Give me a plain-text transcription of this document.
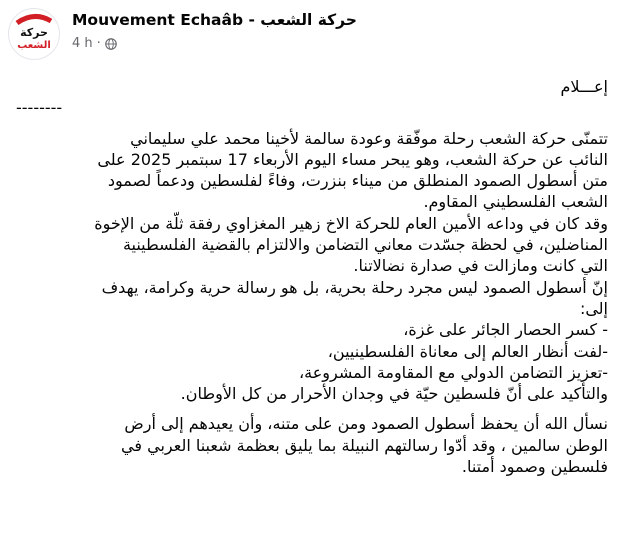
حركة
الشعب
Mouvement Echaâb - حركة الشعب
4 h ·

إعـــلام

--------

تتمنّى حركة الشعب رحلة موفّقة وعودة سالمة لأخينا محمد علي سليماني

النائب عن حركة الشعب، وهو يبحر مساء اليوم الأربعاء 17 سبتمبر 2025 على

متن أسطول الصمود المنطلق من ميناء بنزرت، وفاءً لفلسطين ودعماً لصمود

الشعب الفلسطيني المقاوم.

وقد كان في وداعه الأمين العام للحركة الاخ زهير المغزاوي رفقة ثلّة من الإخوة

المناضلين، في لحظة جسّدت معاني التضامن والالتزام بالقضية الفلسطينية

التي كانت ومازالت في صدارة نضالاتنا.

إنّ أسطول الصمود ليس مجرد رحلة بحرية، بل هو رسالة حرية وكرامة، يهدف

إلى:

- كسر الحصار الجائر على غزة،

-لفت أنظار العالم إلى معاناة الفلسطينيين،

-تعزيز التضامن الدولي مع المقاومة المشروعة،

والتأكيد على أنّ فلسطين حيّة في وجدان الأحرار من كل الأوطان.

نسأل الله أن يحفظ أسطول الصمود ومن على متنه، وأن يعيدهم إلى أرض

الوطن سالمين ، وقد أدّوا رسالتهم النبيلة بما يليق بعظمة شعبنا العربي في

فلسطين وصمود أمتنا.
